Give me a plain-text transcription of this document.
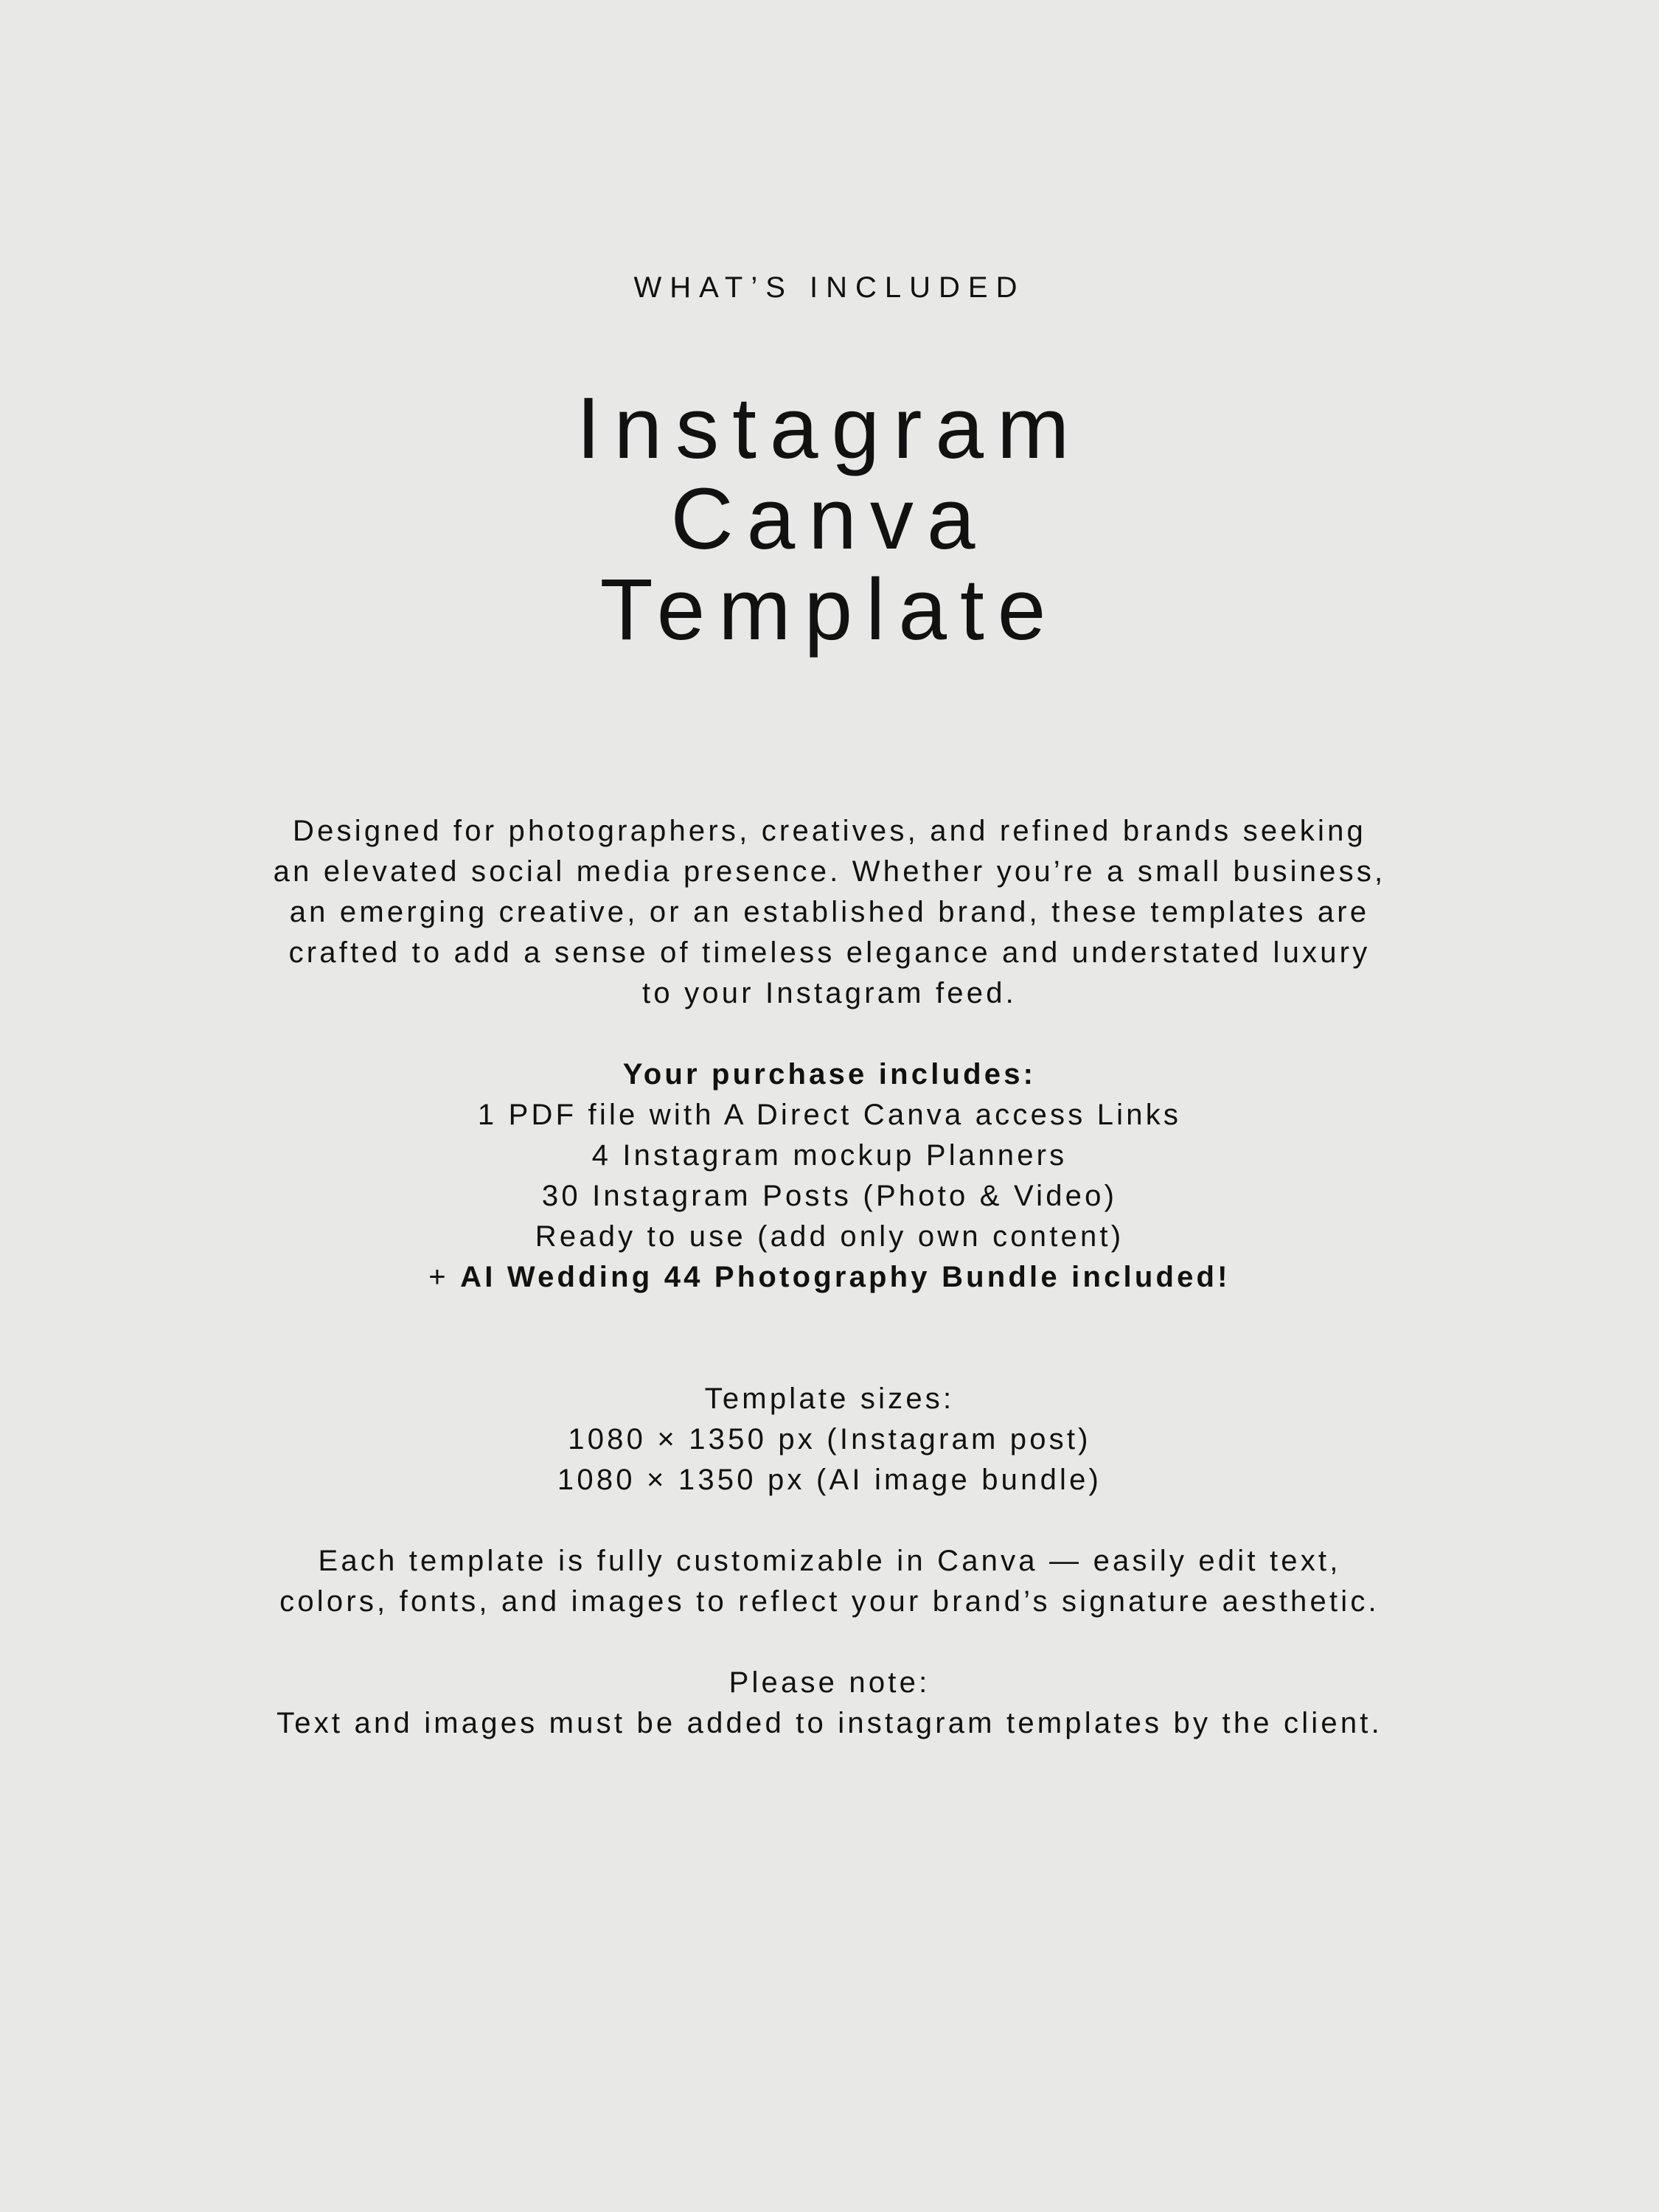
WHAT’S INCLUDED
Instagram
Canva
Template

Designed for photographers, creatives, and refined brands seeking
an elevated social media presence. Whether you’re a small business,
an emerging creative, or an established brand, these templates are
crafted to add a sense of timeless elegance and understated luxury
to your Instagram feed.

Your purchase includes:
1 PDF file with A Direct Canva access Links
4 Instagram mockup Planners
30 Instagram Posts (Photo & Video)
Ready to use (add only own content)
+ AI Wedding 44 Photography Bundle included!

Template sizes:
1080 × 1350 px (Instagram post)
1080 × 1350 px (AI image bundle)

Each template is fully customizable in Canva — easily edit text,
colors, fonts, and images to reflect your brand’s signature aesthetic.

Please note:
Text and images must be added to instagram templates by the client.
